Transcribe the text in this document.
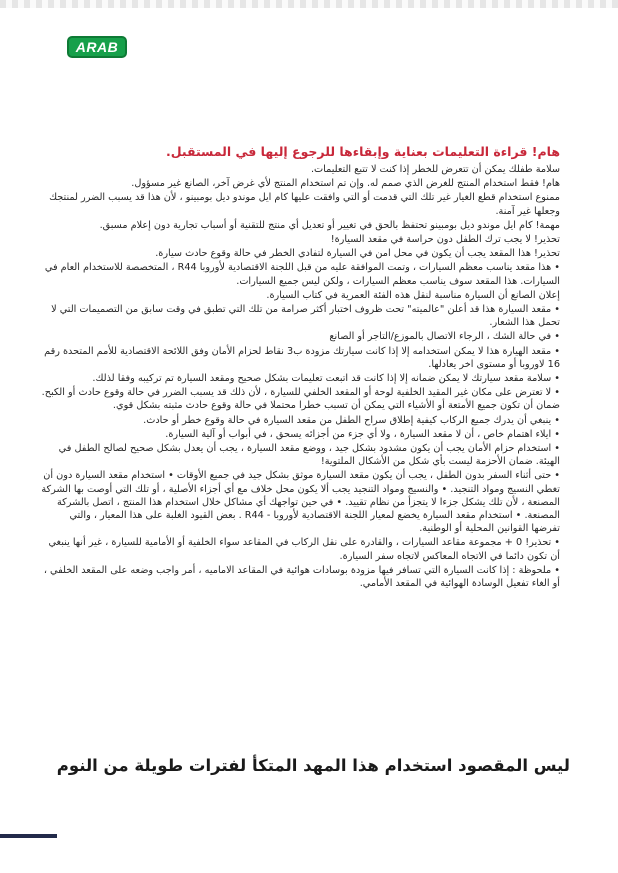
ARAB
هام! قراءة التعليمات بعناية وإبقاءها للرجوع إليها في المستقبل.
سلامة طفلك يمكن أن تتعرض للخطر إذا كنت لا تتبع التعليمات.
هام! فقط استخدام المنتج للغرض الذي صمم له. وإن تم استخدام المنتج لأي غرض آخر، الصانع غير مسؤول.
ممنوع استخدام قطع الغيار غير تلك التي قدمت أو التي وافقت عليها كام ايل موندو ديل بومبينو ، لأن هذا قد يسبب الضرر لمنتجك وجعلها غير آمنة.
مهمة! كام ايل موندو ديل بومبينو تحتفظ بالحق في تغيير أو تعديل أي منتج للتقنية أو أسباب تجارية دون إعلام مسبق.
تحذير! لا يجب ترك الطفل دون حراسة في مقعد السيارة!
تحذير! هذا المقعد يجب أن يكون في محل امن في السيارة لتفادي الخطر في حالة وقوع حادث سيارة.
• هذا مقعد يناسب معظم السيارات ، وتمت الموافقة عليه من قبل اللجنة الاقتصادية لأوروبا R44 ، المتخصصة للاستخدام العام في السيارات. هذا المقعد سوف يناسب معظم السيارات ، ولكن ليس جميع السيارات.
إعلان الصانع أن السيارة مناسبة لنقل هذه الفئة العمرية في كتاب السيارة.
• مقعد السيارة هذا قد أعلن "عالميته" تحت ظروف اختبار أكثر صرامة من تلك التي تطبق في وقت سابق من التصميمات التي لا تحمل هذا الشعار.
• في حالة الشك ، الرجاء الاتصال بالموزع/التاجر أو الصانع
• مقعد الهيارة هذا لا يمكن استخدامه إلا إذا كانت سيارتك مزودة ب3 نقاط لحزام الأمان وفق اللائحة الاقتصادية للأمم المتحدة رقم 16 لاوروبا أو مستوى اخر يعادلها.
• سلامة مقعد سيارتك لا يمكن ضمانه إلا إذا كانت قد اتبعت تعليمات بشكل صحيح ومقعد السيارة تم تركيبه وفقا لذلك.
• لا تعترض على مكان غير المقيد الخلفية لوحة أو المقعد الخلفي للسيارة ، لأن ذلك قد يسبب الضرر في حالة وقوع حادث أو الكبح. ضمان أن تكون جميع الأمتعة أو الأشياء التي يمكن أن تسبب خطرا محتملا في حالة وقوع حادث مثبته بشكل قوي.
• ينبغي أن يدرك جميع الركاب كيفية إطلاق سراح الطفل من مقعد السيارة في حالة وقوع خطر أو حادث.
• ايلاء اهتمام خاص ، أن لا مقعد السيارة ، ولا أي جزء من أجزائه يسحق ، في أبواب أو آلية السيارة.
• استخدام حزام الأمان يجب أن يكون مشدود بشكل جيد ، ووضع مقعد السيارة ، يجب أن يعدل بشكل صحيح لصالح الطفل في الهيئة. ضمان الأحزمة ليست بأي شكل من الأشكال الملتوية!
• حتى أثناء السفر بدون الطفل ، يجب أن يكون مقعد السيارة موثق بشكل جيد في جميع الأوقات • استخدام مقعد السيارة دون أن تغطي النسيج ومواد التنجيد. • والنسيج ومواد التنجيد يجب ألا يكون محل خلاف مع أي أجزاء الأصلية ، أو تلك التي أوصت بها الشركة المصنعة ، لأن تلك يشكل جزءا لا يتجزأ من نظام تقييد. • في حين تواجهك أي مشاكل خلال استخدام هذا المنتج ، اتصل بالشركة المصنعة. • استخدام مقعد السيارة يخضع لمعيار اللجنة الاقتصادية لأوروبا - R44 . بعض القيود الغلبة على هذا المعيار ، والتي تفرضها القوانين المحلية أو الوطنية.
• تحذير! 0 + مجموعة مقاعد السيارات ، والقادرة على نقل الركاب في المقاعد سواء الخلفية أو الأمامية للسيارة ، غير أنها ينبغي أن تكون دائما في الاتجاه المعاكس لاتجاه سفر السيارة.
• ملحوظة : إذا كانت السيارة التي تسافر فيها مزودة بوسادات هوائية في المقاعد الاماميه ، أمر واجب وضعه على المقعد الخلفي ، أو الغاء تفعيل الوسادة الهوائية في المقعد الأمامي.
ليس المقصود استخدام هذا المهد المتكأ لفترات طويلة من النوم
